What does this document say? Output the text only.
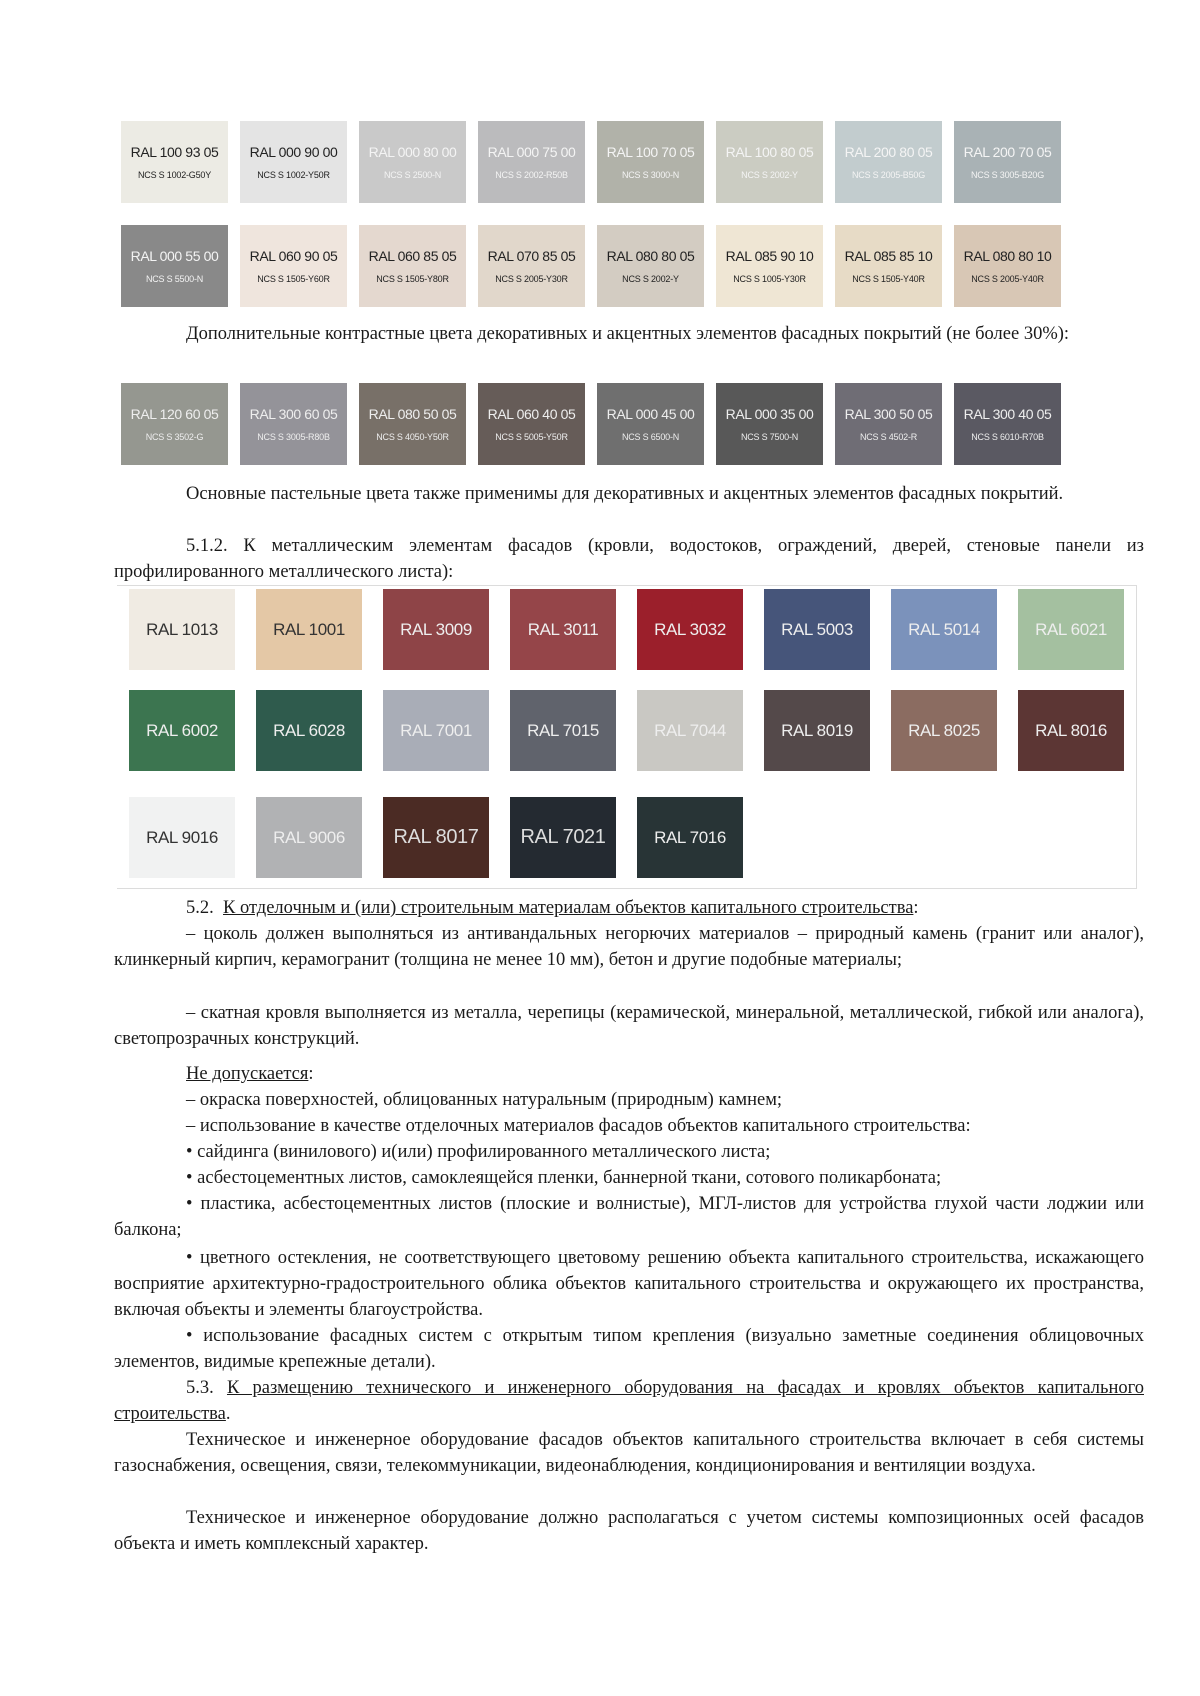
RAL 100 93 05
NCS S 1002-G50Y
RAL 000 90 00
NCS S 1002-Y50R
RAL 000 80 00
NCS S 2500-N
RAL 000 75 00
NCS S 2002-R50B
RAL 100 70 05
NCS S 3000-N
RAL 100 80 05
NCS S 2002-Y
RAL 200 80 05
NCS S 2005-B50G
RAL 200 70 05
NCS S 3005-B20G
RAL 000 55 00
NCS S 5500-N
RAL 060 90 05
NCS S 1505-Y60R
RAL 060 85 05
NCS S 1505-Y80R
RAL 070 85 05
NCS S 2005-Y30R
RAL 080 80 05
NCS S 2002-Y
RAL 085 90 10
NCS S 1005-Y30R
RAL 085 85 10
NCS S 1505-Y40R
RAL 080 80 10
NCS S 2005-Y40R
Дополнительные контрастные цвета декоративных и акцентных элементов фасадных покрытий (не более 30%):
RAL 120 60 05
NCS S 3502-G
RAL 300 60 05
NCS S 3005-R80B
RAL 080 50 05
NCS S 4050-Y50R
RAL 060 40 05
NCS S 5005-Y50R
RAL 000 45 00
NCS S 6500-N
RAL 000 35 00
NCS S 7500-N
RAL 300 50 05
NCS S 4502-R
RAL 300 40 05
NCS S 6010-R70B
Основные пастельные цвета также применимы для декоративных и акцентных элементов фасадных покрытий.
5.1.2. К металлическим элементам фасадов (кровли, водостоков, ограждений, дверей, стеновые панели из профилированного металлического листа):
RAL 1013	RAL 1001	RAL 3009	RAL 3011	RAL 3032	RAL 5003	RAL 5014	RAL 6021
RAL 6002	RAL 6028	RAL 7001	RAL 7015	RAL 7044	RAL 8019	RAL 8025	RAL 8016
RAL 9016	RAL 9006	RAL 8017	RAL 7021	RAL 7016
5.2. К отделочным и (или) строительным материалам объектов капитального строительства:
– цоколь должен выполняться из антивандальных негорючих материалов – природный камень (гранит или аналог), клинкерный кирпич, керамогранит (толщина не менее 10 мм), бетон и другие подобные материалы;
– скатная кровля выполняется из металла, черепицы (керамической, минеральной, металлической, гибкой или аналога), светопрозрачных конструкций.
Не допускается:
– окраска поверхностей, облицованных натуральным (природным) камнем;
– использование в качестве отделочных материалов фасадов объектов капитального строительства:
• сайдинга (винилового) и(или) профилированного металлического листа;
• асбестоцементных листов, самоклеящейся пленки, баннерной ткани, сотового поликарбоната;
• пластика, асбестоцементных листов (плоские и волнистые), МГЛ-листов для устройства глухой части лоджии или балкона;
• цветного остекления, не соответствующего цветовому решению объекта капитального строительства, искажающего восприятие архитектурно-градостроительного облика объектов капитального строительства и окружающего их пространства, включая объекты и элементы благоустройства.
• использование фасадных систем с открытым типом крепления (визуально заметные соединения облицовочных элементов, видимые крепежные детали).
5.3. К размещению технического и инженерного оборудования на фасадах и кровлях объектов капитального строительства.
Техническое и инженерное оборудование фасадов объектов капитального строительства включает в себя системы газоснабжения, освещения, связи, телекоммуникации, видеонаблюдения, кондиционирования и вентиляции воздуха.
Техническое и инженерное оборудование должно располагаться с учетом системы композиционных осей фасадов объекта и иметь комплексный характер.
